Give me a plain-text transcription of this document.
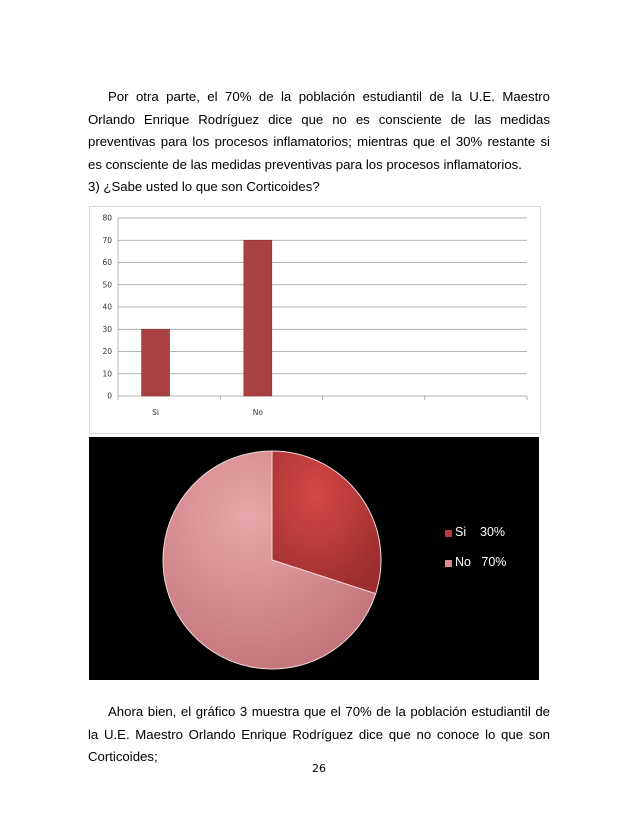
Por otra parte, el 70% de la población estudiantil de la U.E. Maestro Orlando Enrique Rodríguez dice que no es consciente de las medidas preventivas para los procesos inflamatorios; mientras que el 30% restante si es consciente de las medidas preventivas para los procesos inflamatorios.

3) ¿Sabe usted lo que son Corticoides?

0
10
20
30
40
50
60
70
80
Si	No

Si    30%

No   70%

Ahora bien, el gráfico 3 muestra que el 70% de la población estudiantil de la U.E. Maestro Orlando Enrique Rodríguez dice que no conoce lo que son Corticoides;

26
